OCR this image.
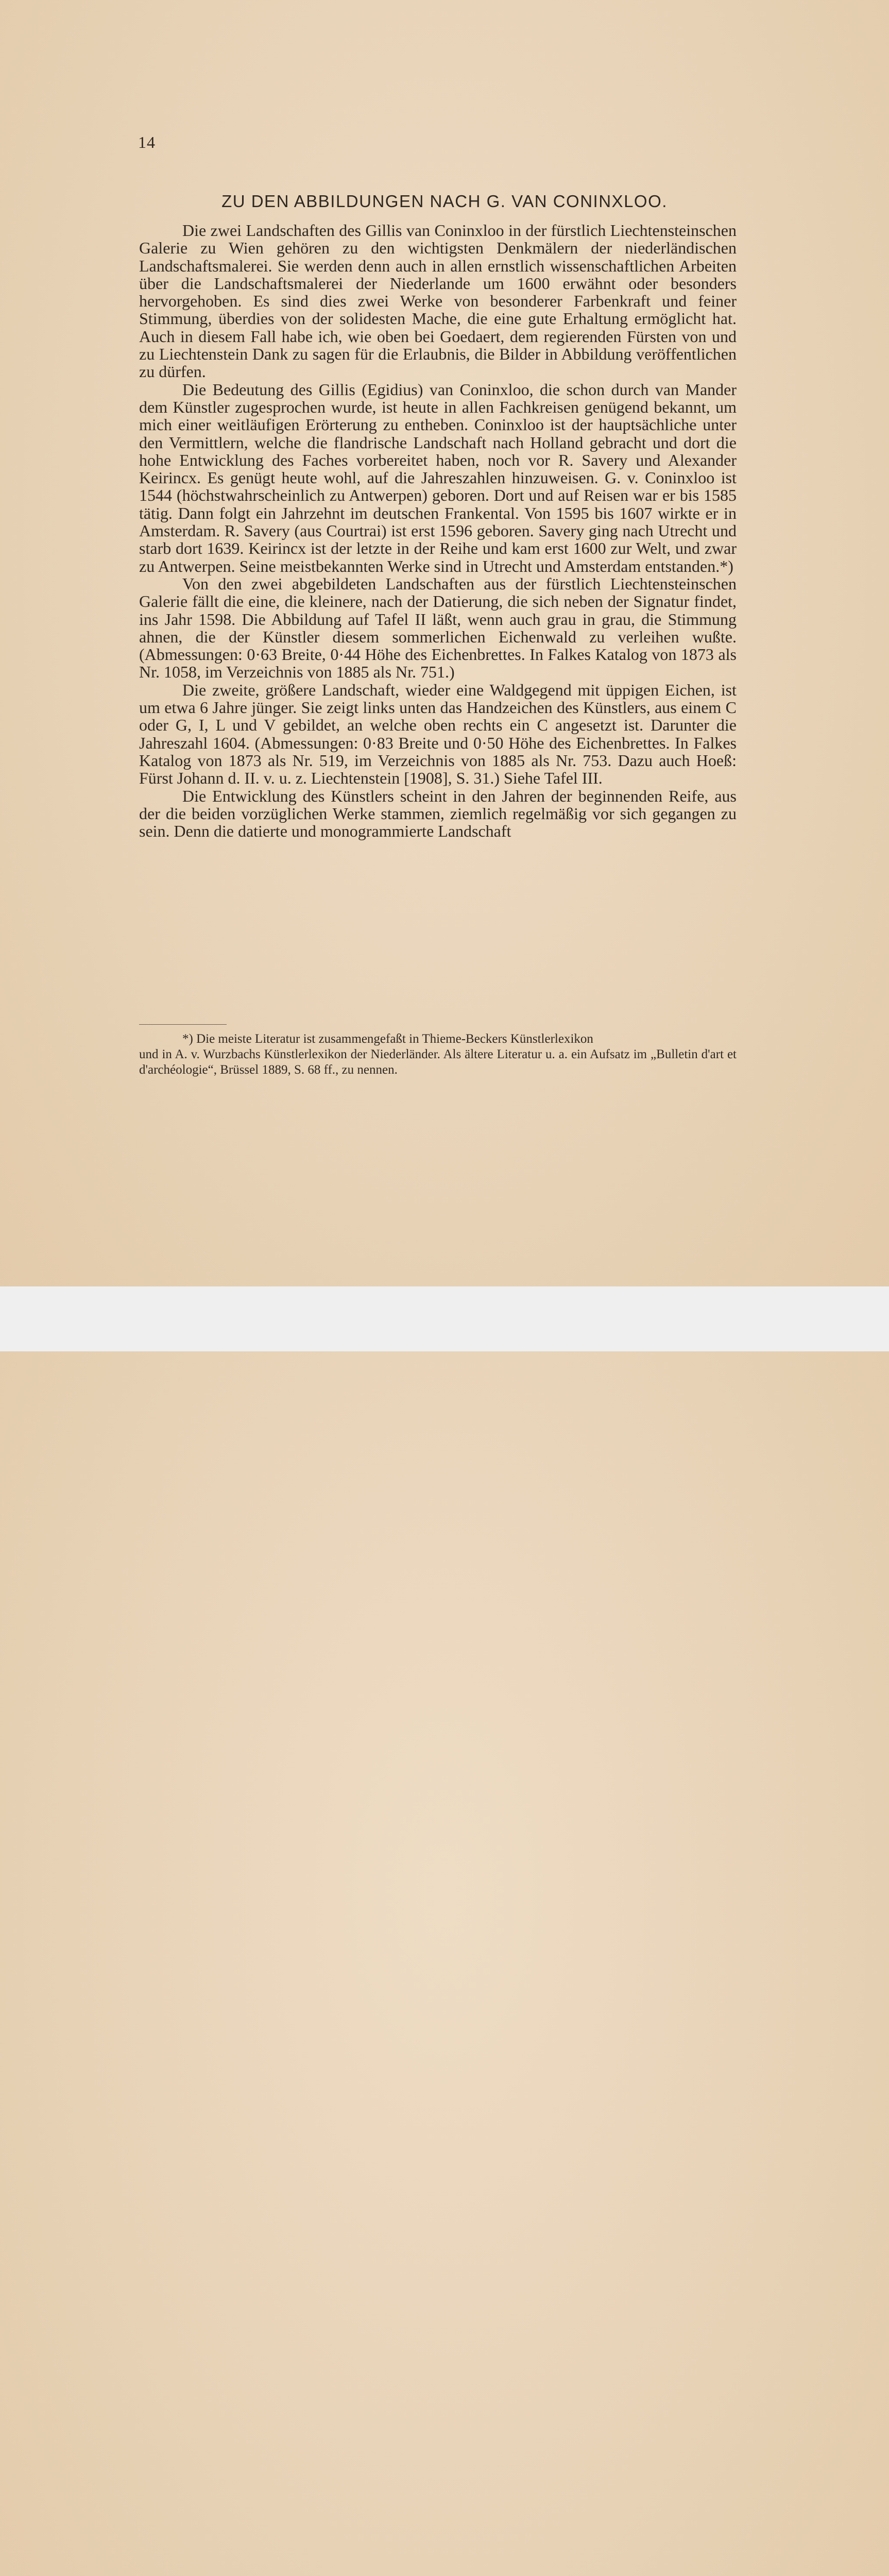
14
ZU DEN ABBILDUNGEN NACH G. VAN CONINXLOO.

Die zwei Landschaften des Gillis van Coninxloo in der fürstlich Liechtensteinschen Galerie zu Wien gehören zu den wichtigsten Denkmälern der niederländischen Landschaftsmalerei. Sie werden denn auch in allen ernstlich wissenschaftlichen Arbeiten über die Landschaftsmalerei der Niederlande um 1600 erwähnt oder besonders hervorgehoben. Es sind dies zwei Werke von besonderer Farbenkraft und feiner Stimmung, überdies von der solidesten Mache, die eine gute Erhaltung ermöglicht hat. Auch in diesem Fall habe ich, wie oben bei Goedaert, dem regierenden Fürsten von und zu Liechtenstein Dank zu sagen für die Erlaubnis, die Bilder in Abbildung veröffentlichen zu dürfen.

Die Bedeutung des Gillis (Egidius) van Coninxloo, die schon durch van Mander dem Künstler zugesprochen wurde, ist heute in allen Fachkreisen genügend bekannt, um mich einer weitläufigen Erörterung zu entheben. Coninxloo ist der hauptsächliche unter den Vermittlern, welche die flandrische Landschaft nach Holland gebracht und dort die hohe Entwicklung des Faches vorbereitet haben, noch vor R. Savery und Alexander Keirincx. Es genügt heute wohl, auf die Jahreszahlen hinzuweisen. G. v. Coninxloo ist 1544 (höchstwahrscheinlich zu Antwerpen) geboren. Dort und auf Reisen war er bis 1585 tätig. Dann folgt ein Jahrzehnt im deutschen Frankental. Von 1595 bis 1607 wirkte er in Amsterdam. R. Savery (aus Courtrai) ist erst 1596 geboren. Savery ging nach Utrecht und starb dort 1639. Keirincx ist der letzte in der Reihe und kam erst 1600 zur Welt, und zwar zu Antwerpen. Seine meistbekannten Werke sind in Utrecht und Amsterdam entstanden.*)

Von den zwei abgebildeten Landschaften aus der fürstlich Liechtensteinschen Galerie fällt die eine, die kleinere, nach der Datierung, die sich neben der Signatur findet, ins Jahr 1598. Die Abbildung auf Tafel II läßt, wenn auch grau in grau, die Stimmung ahnen, die der Künstler diesem sommerlichen Eichenwald zu verleihen wußte. (Abmessungen: 0·63 Breite, 0·44 Höhe des Eichenbrettes. In Falkes Katalog von 1873 als Nr. 1058, im Verzeichnis von 1885 als Nr. 751.)

Die zweite, größere Landschaft, wieder eine Waldgegend mit üppigen Eichen, ist um etwa 6 Jahre jünger. Sie zeigt links unten das Handzeichen des Künstlers, aus einem C oder G, I, L und V gebildet, an welche oben rechts ein C angesetzt ist. Darunter die Jahreszahl 1604. (Abmessungen: 0·83 Breite und 0·50 Höhe des Eichenbrettes. In Falkes Katalog von 1873 als Nr. 519, im Verzeichnis von 1885 als Nr. 753. Dazu auch Hoeß: Fürst Johann d. II. v. u. z. Liechtenstein [1908], S. 31.) Siehe Tafel III.

Die Entwicklung des Künstlers scheint in den Jahren der beginnenden Reife, aus der die beiden vorzüglichen Werke stammen, ziemlich regelmäßig vor sich gegangen zu sein. Denn die datierte und monogrammierte Landschaft

*) Die meiste Literatur ist zusammengefaßt in Thieme-Beckers Künstlerlexikon
und in A. v. Wurzbachs Künstlerlexikon der Niederländer. Als ältere Literatur u. a. ein Aufsatz im „Bulletin d'art et d'archéologie“, Brüssel 1889, S. 68 ff., zu nennen.
